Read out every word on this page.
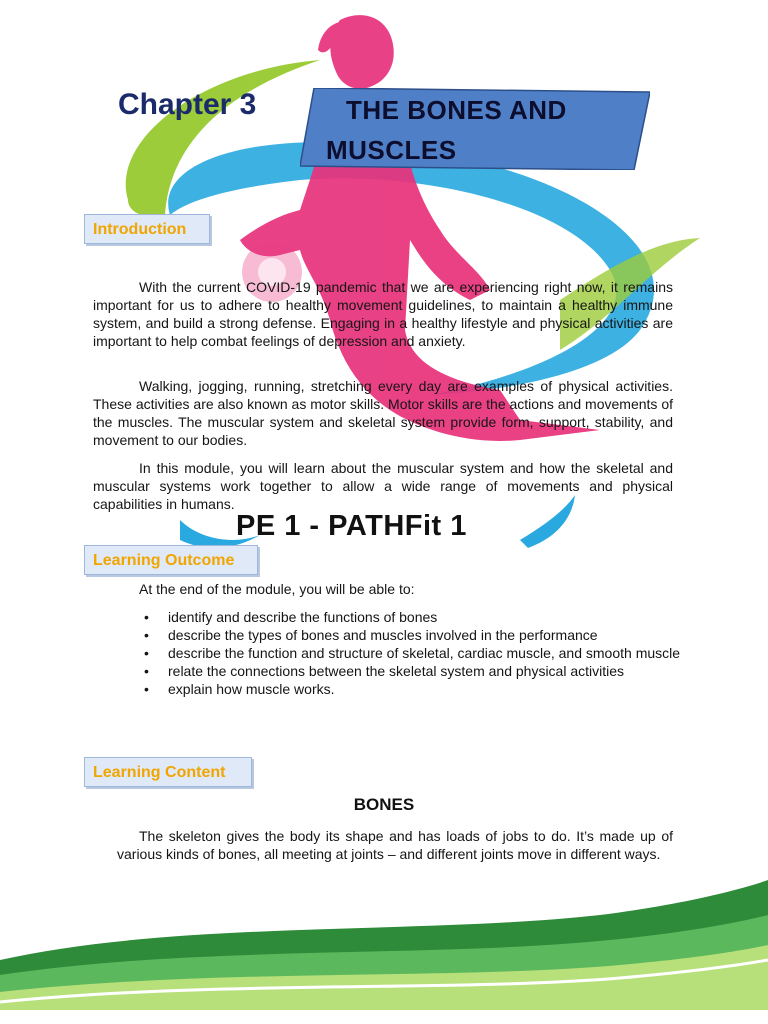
Chapter 3	THE BONES AND
MUSCLES
Introduction
With the current COVID-19 pandemic that we are experiencing right now, it remains important for us to adhere to healthy movement guidelines, to maintain a healthy immune system, and build a strong defense. Engaging in a healthy lifestyle and physical activities are important to help combat feelings of depression and anxiety.
Walking, jogging, running, stretching every day are examples of physical activities. These activities are also known as motor skills. Motor skills are the actions and movements of the muscles. The muscular system and skeletal system provide form, support, stability, and movement to our bodies.
In this module, you will learn about the muscular system and how the skeletal and muscular systems work together to allow a wide range of movements and physical capabilities in humans.
PE 1 - PATHFit 1
Learning Outcome
At the end of the module, you will be able to:
• identify and describe the functions of bones
• describe the types of bones and muscles involved in the performance
• describe the function and structure of skeletal, cardiac muscle, and smooth muscle
• relate the connections between the skeletal system and physical activities
• explain how muscle works.
Learning Content
BONES
The skeleton gives the body its shape and has loads of jobs to do. It’s made up of various kinds of bones, all meeting at joints – and different joints move in different ways.
